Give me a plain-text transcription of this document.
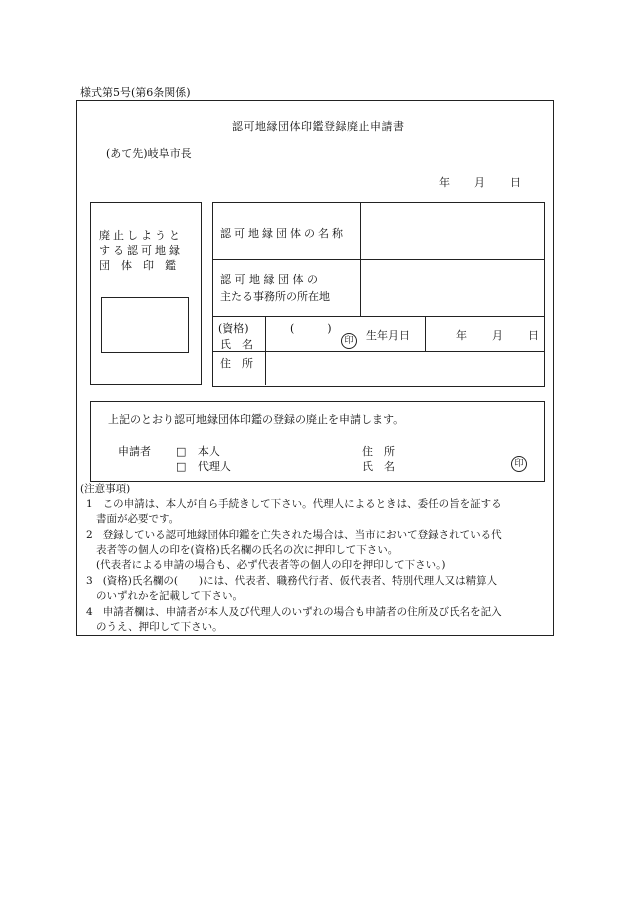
様式第5号(第6条関係)
認可地縁団体印鑑登録廃止申請書
(あて先)岐阜市長
年 月 日
廃止しようと
する認可地縁
団　体　印　鑑
認可地縁団体の名称
認 可 地 縁 団 体 の
主たる事務所の所在地
(資格)
氏　名
(　　　)
印	生年月日	年 月 日
住　所
上記のとおり認可地縁団体印鑑の登録の廃止を申請します。
申請者 □ 本人
□ 代理人
住　所
氏　名	印
(注意事項)
1 この申請は、本人が自ら手続きして下さい。代理人によるときは、委任の旨を証する
書面が必要です。
2 登録している認可地縁団体印鑑を亡失された場合は、当市において登録されている代
表者等の個人の印を(資格)氏名欄の氏名の次に押印して下さい。
(代表者による申請の場合も、必ず代表者等の個人の印を押印して下さい。)
3 (資格)氏名欄の(　　)には、代表者、職務代行者、仮代表者、特別代理人又は精算人
のいずれかを記載して下さい。
4 申請者欄は、申請者が本人及び代理人のいずれの場合も申請者の住所及び氏名を記入
のうえ、押印して下さい。
